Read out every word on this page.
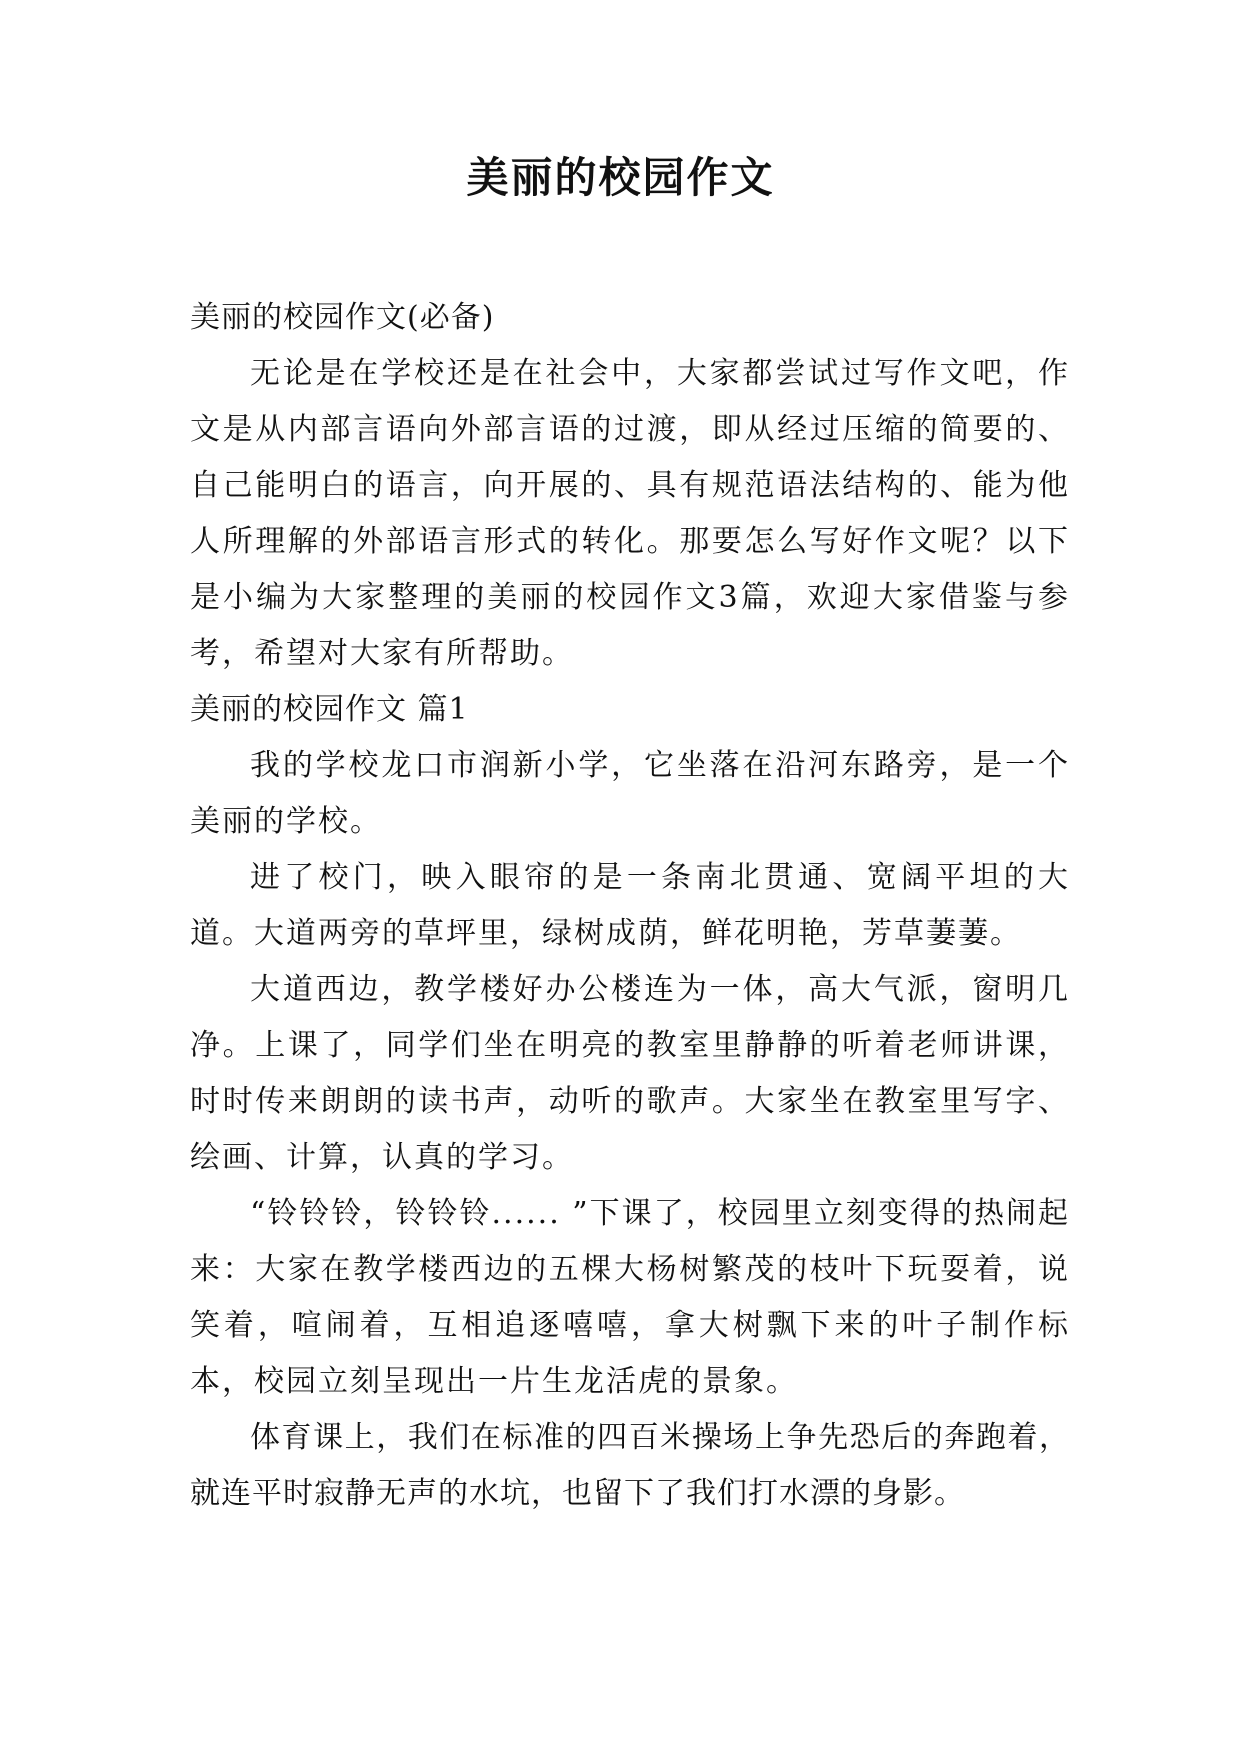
美丽的校园作文

美丽的校园作文(必备)

无论是在学校还是在社会中，大家都尝试过写作文吧，作文是从内部言语向外部言语的过渡，即从经过压缩的简要的、自己能明白的语言，向开展的、具有规范语法结构的、能为他人所理解的外部语言形式的转化。那要怎么写好作文呢？以下是小编为大家整理的美丽的校园作文3篇，欢迎大家借鉴与参考，希望对大家有所帮助。

美丽的校园作文 篇1

我的学校龙口市润新小学，它坐落在沿河东路旁，是一个美丽的学校。

进了校门，映入眼帘的是一条南北贯通、宽阔平坦的大道。大道两旁的草坪里，绿树成荫，鲜花明艳，芳草萋萋。

大道西边，教学楼好办公楼连为一体，高大气派，窗明几净。上课了，同学们坐在明亮的教室里静静的听着老师讲课，时时传来朗朗的读书声，动听的歌声。大家坐在教室里写字、绘画、计算，认真的学习。

“铃铃铃，铃铃铃...... ”下课了，校园里立刻变得的热闹起来：大家在教学楼西边的五棵大杨树繁茂的枝叶下玩耍着，说笑着，喧闹着，互相追逐嘻嘻，拿大树飘下来的叶子制作标本，校园立刻呈现出一片生龙活虎的景象。

体育课上，我们在标准的四百米操场上争先恐后的奔跑着，就连平时寂静无声的水坑，也留下了我们打水漂的身影。
